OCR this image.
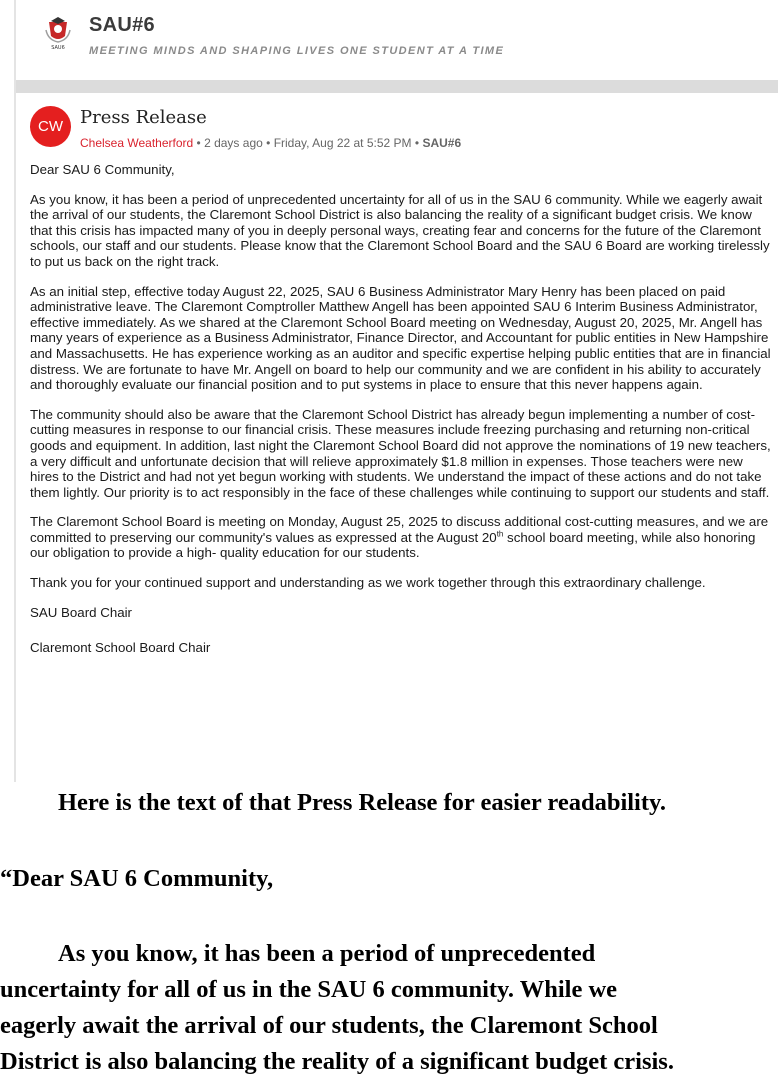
SAU6
SAU#6
MEETING MINDS AND SHAPING LIVES ONE STUDENT AT A TIME
CW Press Release
Chelsea Weatherford • 2 days ago • Friday, Aug 22 at 5:52 PM • SAU#6

Dear SAU 6 Community,

As you know, it has been a period of unprecedented uncertainty for all of us in the SAU 6 community. While we eagerly await the arrival of our students, the Claremont School District is also balancing the reality of a significant budget crisis. We know that this crisis has impacted many of you in deeply personal ways, creating fear and concerns for the future of the Claremont schools, our staff and our students. Please know that the Claremont School Board and the SAU 6 Board are working tirelessly to put us back on the right track.

As an initial step, effective today August 22, 2025, SAU 6 Business Administrator Mary Henry has been placed on paid administrative leave. The Claremont Comptroller Matthew Angell has been appointed SAU 6 Interim Business Administrator, effective immediately. As we shared at the Claremont School Board meeting on Wednesday, August 20, 2025, Mr. Angell has many years of experience as a Business Administrator, Finance Director, and Accountant for public entities in New Hampshire and Massachusetts. He has experience working as an auditor and specific expertise helping public entities that are in financial distress. We are fortunate to have Mr. Angell on board to help our community and we are confident in his ability to accurately and thoroughly evaluate our financial position and to put systems in place to ensure that this never happens again.

The community should also be aware that the Claremont School District has already begun implementing a number of cost-cutting measures in response to our financial crisis. These measures include freezing purchasing and returning non-critical goods and equipment. In addition, last night the Claremont School Board did not approve the nominations of 19 new teachers, a very difficult and unfortunate decision that will relieve approximately $1.8 million in expenses. Those teachers were new hires to the District and had not yet begun working with students. We understand the impact of these actions and do not take them lightly. Our priority is to act responsibly in the face of these challenges while continuing to support our students and staff.

The Claremont School Board is meeting on Monday, August 25, 2025 to discuss additional cost-cutting measures, and we are committed to preserving our community's values as expressed at the August 20th school board meeting, while also honoring our obligation to provide a high- quality education for our students.

Thank you for your continued support and understanding as we work together through this extraordinary challenge.

SAU Board Chair

Claremont School Board Chair

Here is the text of that Press Release for easier readability.
“Dear SAU 6 Community,
As you know, it has been a period of unprecedented
uncertainty for all of us in the SAU 6 community. While we
eagerly await the arrival of our students, the Claremont School
District is also balancing the reality of a significant budget crisis.
